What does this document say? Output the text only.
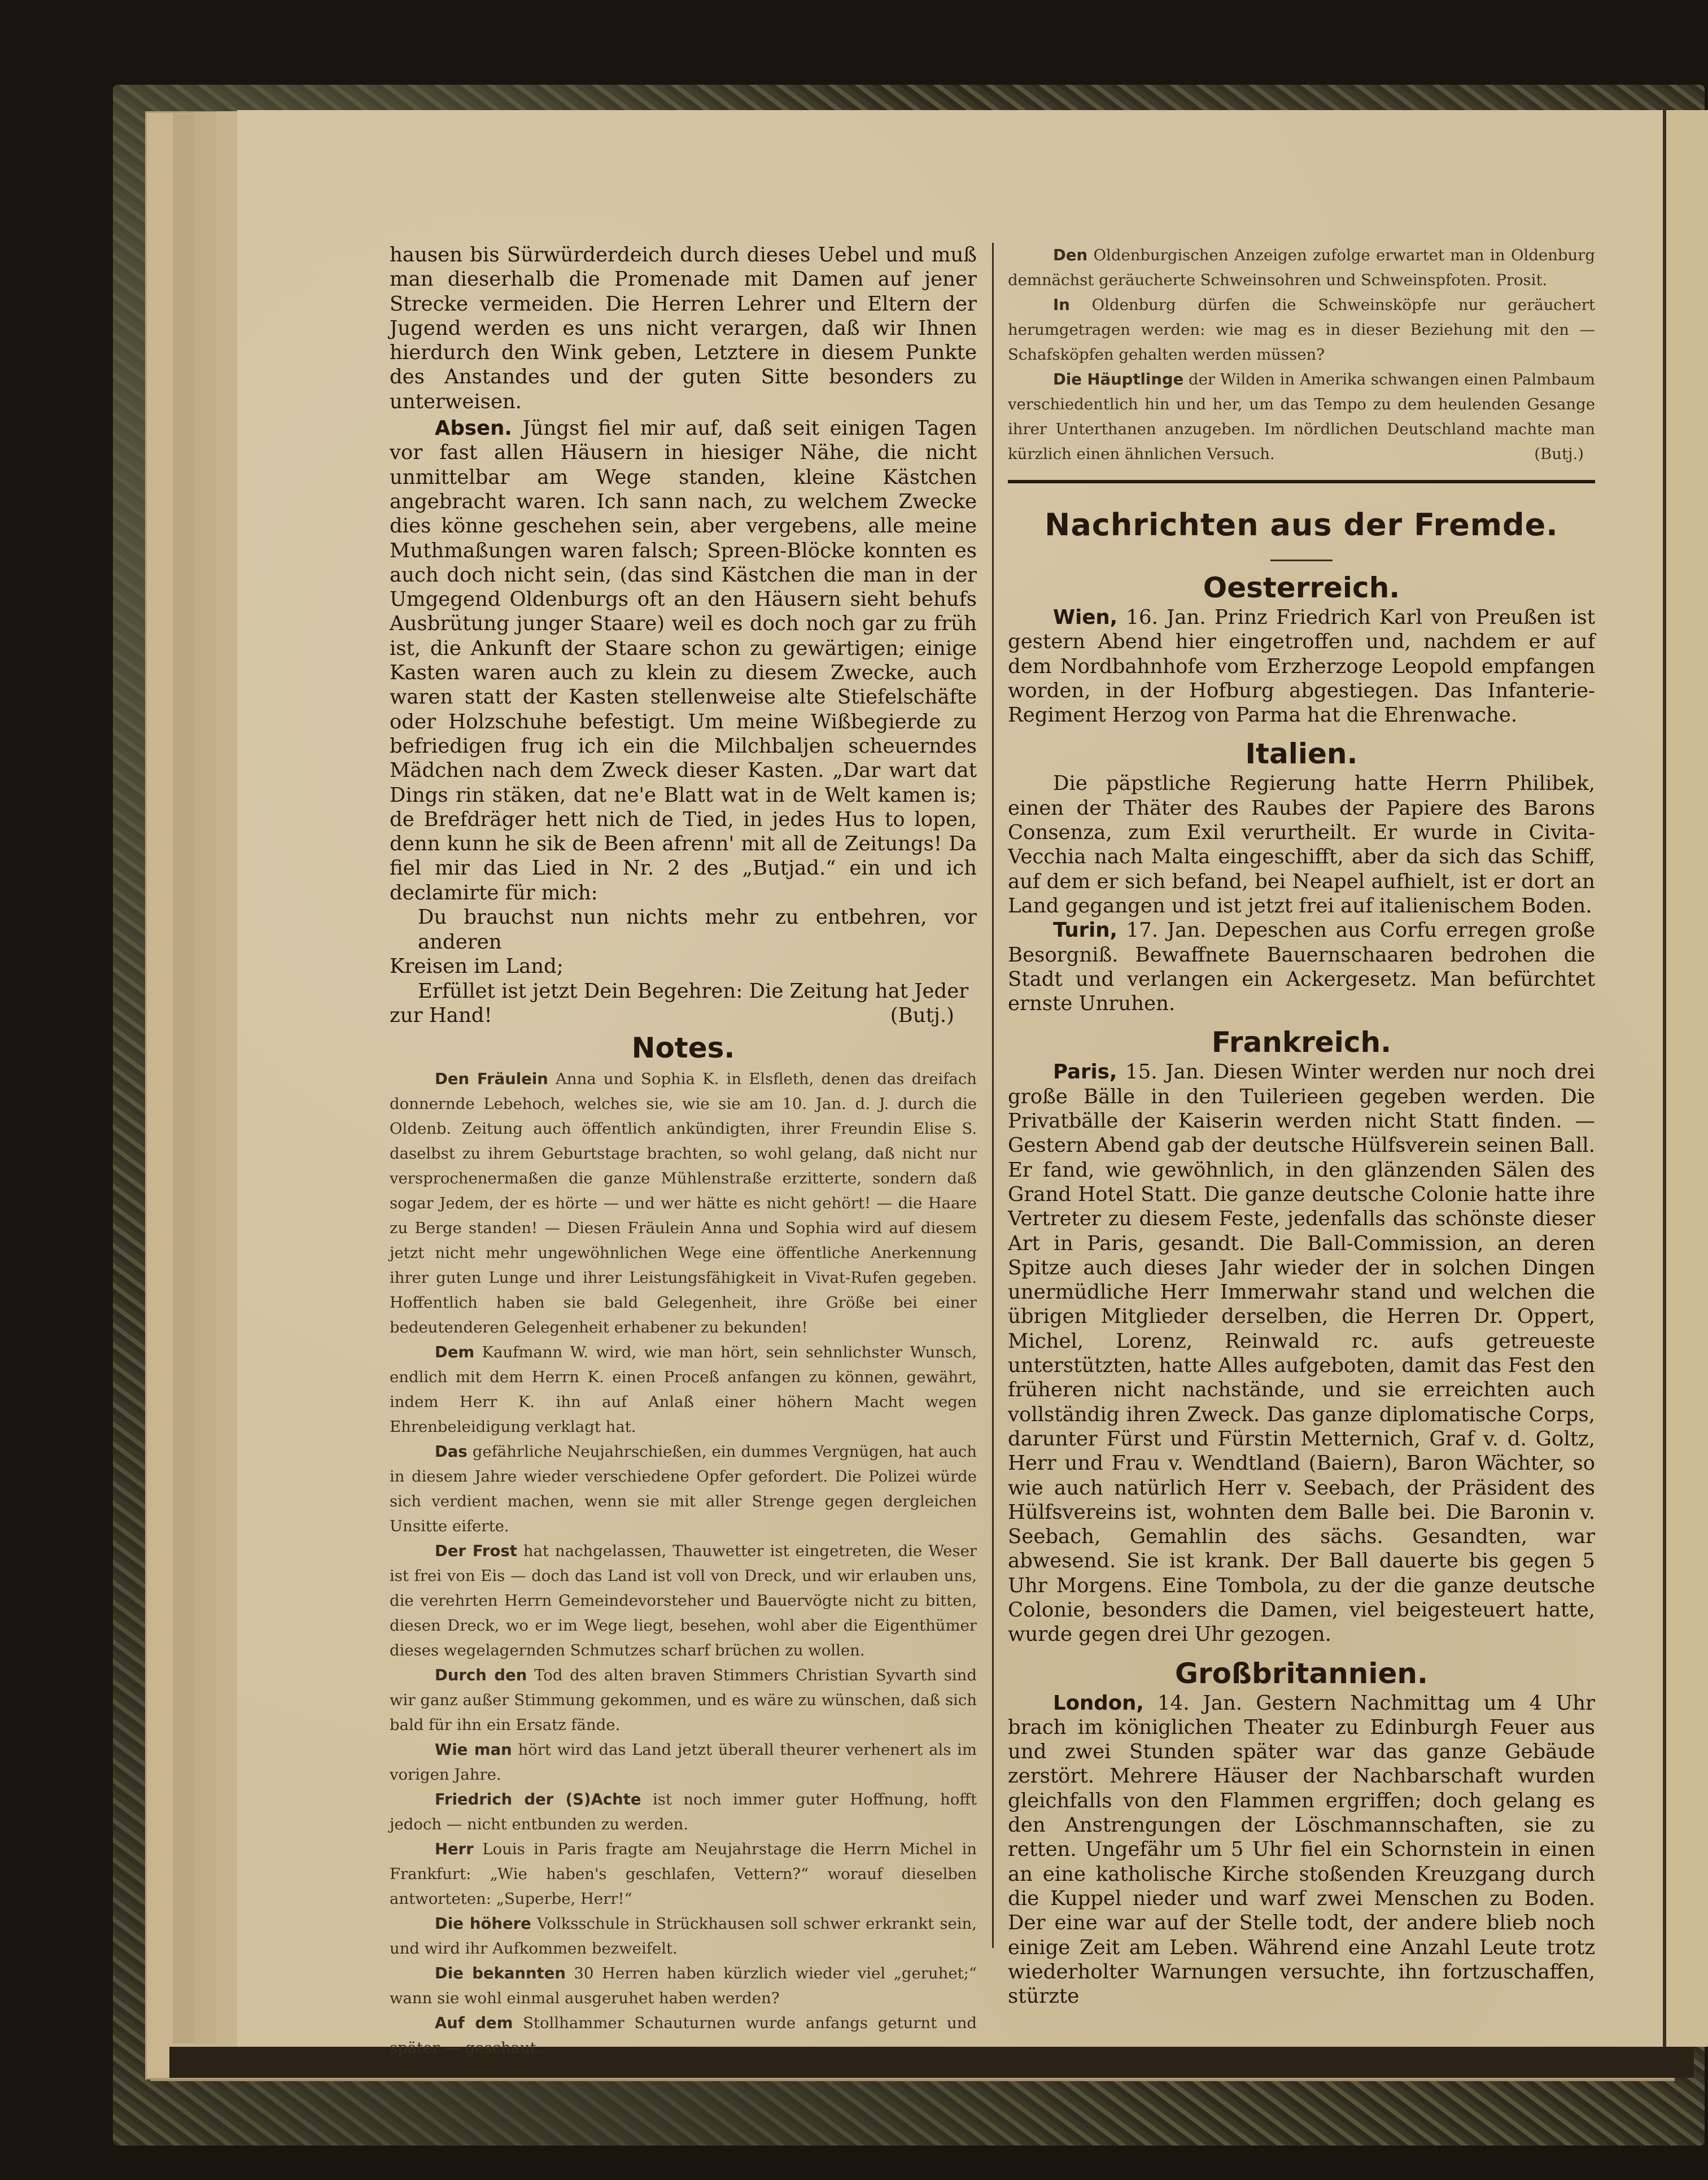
hausen bis Sürwürderdeich durch dieses Uebel und muß man dieserhalb die Promenade mit Damen auf jener Strecke vermeiden. Die Herren Lehrer und Eltern der Jugend werden es uns nicht verargen, daß wir Ihnen hierdurch den Wink geben, Letztere in diesem Punkte des Anstandes und der guten Sitte besonders zu unterweisen.

Absen. Jüngst fiel mir auf, daß seit einigen Tagen vor fast allen Häusern in hiesiger Nähe, die nicht unmittelbar am Wege standen, kleine Kästchen angebracht waren. Ich sann nach, zu welchem Zwecke dies könne geschehen sein, aber vergebens, alle meine Muthmaßungen waren falsch; Spreen-Blöcke konnten es auch doch nicht sein, (das sind Kästchen die man in der Umgegend Oldenburgs oft an den Häusern sieht behufs Ausbrütung junger Staare) weil es doch noch gar zu früh ist, die Ankunft der Staare schon zu gewärtigen; einige Kasten waren auch zu klein zu diesem Zwecke, auch waren statt der Kasten stellenweise alte Stiefelschäfte oder Holzschuhe befestigt. Um meine Wißbegierde zu befriedigen frug ich ein die Milchbaljen scheuerndes Mädchen nach dem Zweck dieser Kasten. „Dar wart dat Dings rin stäken, dat ne'e Blatt wat in de Welt kamen is; de Brefdräger hett nich de Tied, in jedes Hus to lopen, denn kunn he sik de Been afrenn' mit all de Zeitungs! Da fiel mir das Lied in Nr. 2 des „Butjad.“ ein und ich declamirte für mich:

Du brauchst nun nichts mehr zu entbehren, vor anderen
Kreisen im Land;
Erfüllet ist jetzt Dein Begehren: Die Zeitung hat Jeder
zur Hand!	(Butj.)
Notes.

Den Fräulein Anna und Sophia K. in Elsfleth, denen das dreifach donnernde Lebehoch, welches sie, wie sie am 10. Jan. d. J. durch die Oldenb. Zeitung auch öffentlich ankündigten, ihrer Freundin Elise S. daselbst zu ihrem Geburtstage brachten, so wohl gelang, daß nicht nur versprochenermaßen die ganze Mühlenstraße erzitterte, sondern daß sogar Jedem, der es hörte — und wer hätte es nicht gehört! — die Haare zu Berge standen! — Diesen Fräulein Anna und Sophia wird auf diesem jetzt nicht mehr ungewöhnlichen Wege eine öffentliche Anerkennung ihrer guten Lunge und ihrer Leistungsfähigkeit in Vivat-Rufen gegeben. Hoffentlich haben sie bald Gelegenheit, ihre Größe bei einer bedeutenderen Gelegenheit erhabener zu bekunden!

Dem Kaufmann W. wird, wie man hört, sein sehnlichster Wunsch, endlich mit dem Herrn K. einen Proceß anfangen zu können, gewährt, indem Herr K. ihn auf Anlaß einer höhern Macht wegen Ehrenbeleidigung verklagt hat.

Das gefährliche Neujahrschießen, ein dummes Vergnügen, hat auch in diesem Jahre wieder verschiedene Opfer gefordert. Die Polizei würde sich verdient machen, wenn sie mit aller Strenge gegen dergleichen Unsitte eiferte.

Der Frost hat nachgelassen, Thauwetter ist eingetreten, die Weser ist frei von Eis — doch das Land ist voll von Dreck, und wir erlauben uns, die verehrten Herrn Gemeindevorsteher und Bauervögte nicht zu bitten, diesen Dreck, wo er im Wege liegt, besehen, wohl aber die Eigenthümer dieses wegelagernden Schmutzes scharf brüchen zu wollen.

Durch den Tod des alten braven Stimmers Christian Syvarth sind wir ganz außer Stimmung gekommen, und es wäre zu wünschen, daß sich bald für ihn ein Ersatz fände.

Wie man hört wird das Land jetzt überall theurer verhenert als im vorigen Jahre.

Friedrich der (S)Achte ist noch immer guter Hoffnung, hofft jedoch — nicht entbunden zu werden.

Herr Louis in Paris fragte am Neujahrstage die Herrn Michel in Frankfurt: „Wie haben's geschlafen, Vettern?“ worauf dieselben antworteten: „Superbe, Herr!“

Die höhere Volksschule in Strückhausen soll schwer erkrankt sein, und wird ihr Aufkommen bezweifelt.

Die bekannten 30 Herren haben kürzlich wieder viel „geruhet;“ wann sie wohl einmal ausgeruhet haben werden?

Auf dem Stollhammer Schauturnen wurde anfangs geturnt und später — geschaut.

Den Oldenburgischen Anzeigen zufolge erwartet man in Oldenburg demnächst geräucherte Schweinsohren und Schweinspfoten. Prosit.

In Oldenburg dürfen die Schweinsköpfe nur geräuchert herumgetragen werden: wie mag es in dieser Beziehung mit den — Schafsköpfen gehalten werden müssen?

Die Häuptlinge der Wilden in Amerika schwangen einen Palmbaum verschiedentlich hin und her, um das Tempo zu dem heulenden Gesange ihrer Unterthanen anzugeben. Im nördlichen Deutschland machte man kürzlich einen ähnlichen Versuch.	(Butj.)

Nachrichten aus der Fremde.
Oesterreich.

Wien, 16. Jan. Prinz Friedrich Karl von Preußen ist gestern Abend hier eingetroffen und, nachdem er auf dem Nordbahnhofe vom Erzherzoge Leopold empfangen worden, in der Hofburg abgestiegen. Das Infanterie-Regiment Herzog von Parma hat die Ehrenwache.

Italien.

Die päpstliche Regierung hatte Herrn Philibek, einen der Thäter des Raubes der Papiere des Barons Consenza, zum Exil verurtheilt. Er wurde in Civita-Vecchia nach Malta eingeschifft, aber da sich das Schiff, auf dem er sich befand, bei Neapel aufhielt, ist er dort an Land gegangen und ist jetzt frei auf italienischem Boden.

Turin, 17. Jan. Depeschen aus Corfu erregen große Besorgniß. Bewaffnete Bauernschaaren bedrohen die Stadt und verlangen ein Ackergesetz. Man befürchtet ernste Unruhen.

Frankreich.

Paris, 15. Jan. Diesen Winter werden nur noch drei große Bälle in den Tuilerieen gegeben werden. Die Privatbälle der Kaiserin werden nicht Statt finden. — Gestern Abend gab der deutsche Hülfsverein seinen Ball. Er fand, wie gewöhnlich, in den glänzenden Sälen des Grand Hotel Statt. Die ganze deutsche Colonie hatte ihre Vertreter zu diesem Feste, jedenfalls das schönste dieser Art in Paris, gesandt. Die Ball-Commission, an deren Spitze auch dieses Jahr wieder der in solchen Dingen unermüdliche Herr Immerwahr stand und welchen die übrigen Mitglieder derselben, die Herren Dr. Oppert, Michel, Lorenz, Reinwald rc. aufs getreueste unterstützten, hatte Alles aufgeboten, damit das Fest den früheren nicht nachstände, und sie erreichten auch vollständig ihren Zweck. Das ganze diplomatische Corps, darunter Fürst und Fürstin Metternich, Graf v. d. Goltz, Herr und Frau v. Wendtland (Baiern), Baron Wächter, so wie auch natürlich Herr v. Seebach, der Präsident des Hülfsvereins ist, wohnten dem Balle bei. Die Baronin v. Seebach, Gemahlin des sächs. Gesandten, war abwesend. Sie ist krank. Der Ball dauerte bis gegen 5 Uhr Morgens. Eine Tombola, zu der die ganze deutsche Colonie, besonders die Damen, viel beigesteuert hatte, wurde gegen drei Uhr gezogen.

Großbritannien.

London, 14. Jan. Gestern Nachmittag um 4 Uhr brach im königlichen Theater zu Edinburgh Feuer aus und zwei Stunden später war das ganze Gebäude zerstört. Mehrere Häuser der Nachbarschaft wurden gleichfalls von den Flammen ergriffen; doch gelang es den Anstrengungen der Löschmannschaften, sie zu retten. Ungefähr um 5 Uhr fiel ein Schornstein in einen an eine katholische Kirche stoßenden Kreuzgang durch die Kuppel nieder und warf zwei Menschen zu Boden. Der eine war auf der Stelle todt, der andere blieb noch einige Zeit am Leben. Während eine Anzahl Leute trotz wiederholter Warnungen versuchte, ihn fortzuschaffen, stürzte
